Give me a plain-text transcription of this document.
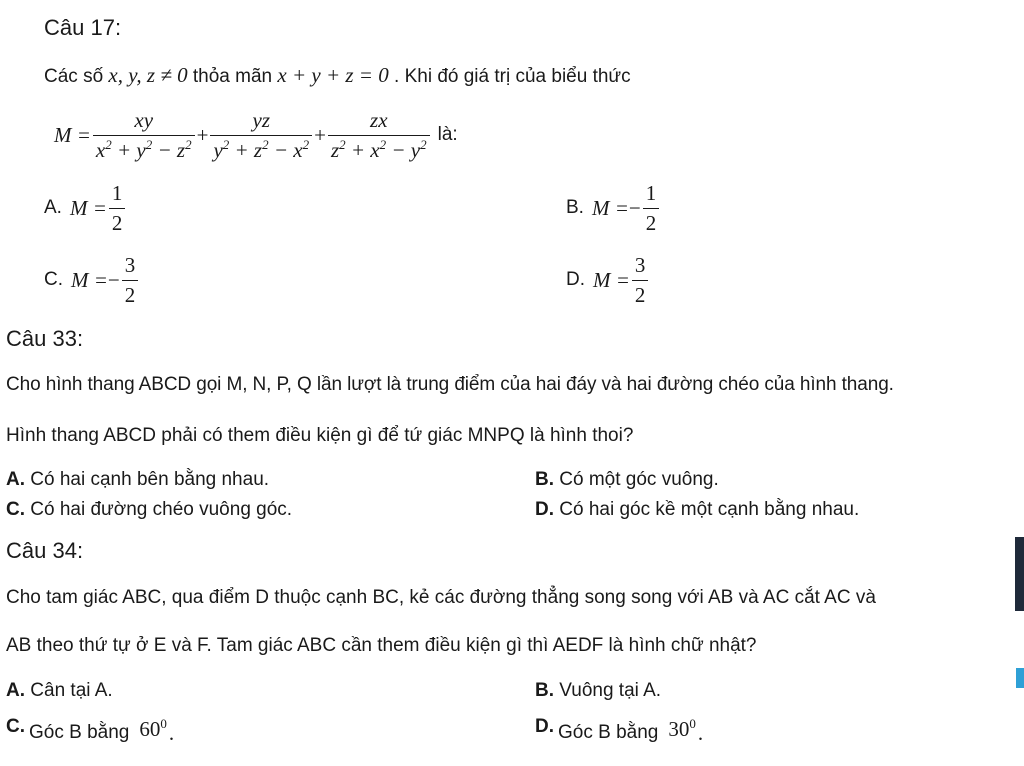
Câu 17:
Các số x, y, z ≠ 0 thỏa mãn x + y + z = 0 . Khi đó giá trị của biểu thức
$M = \frac{xy}{x^2 + y^2 - z^2} + \frac{yz}{y^2 + z^2 - x^2} + \frac{zx}{z^2 + x^2 - y^2}$ là:
A. $M = \frac{1}{2}$	B. M = − $\frac{1}{2}$
C. M = − $\frac{3}{2}$	D. $M = \frac{3}{2}$
Câu 33:
Cho hình thang ABCD gọi M, N, P, Q lần lượt là trung điểm của hai đáy và hai đường chéo của hình thang.
Hình thang ABCD phải có them điều kiện gì để tứ giác MNPQ là hình thoi?
A. Có hai cạnh bên bằng nhau.	B. Có một góc vuông.
C. Có hai đường chéo vuông góc.	D. Có hai góc kề một cạnh bằng nhau.
Câu 34:
Cho tam giác ABC, qua điểm D thuộc cạnh BC, kẻ các đường thẳng song song với AB và AC cắt AC và
AB theo thứ tự ở E và F. Tam giác ABC cần them điều kiện gì thì AEDF là hình chữ nhật?
A. Cân tại A.	B. Vuông tại A.
C. Góc B bằng $60^0$ .	D. Góc B bằng $30^0$ .
